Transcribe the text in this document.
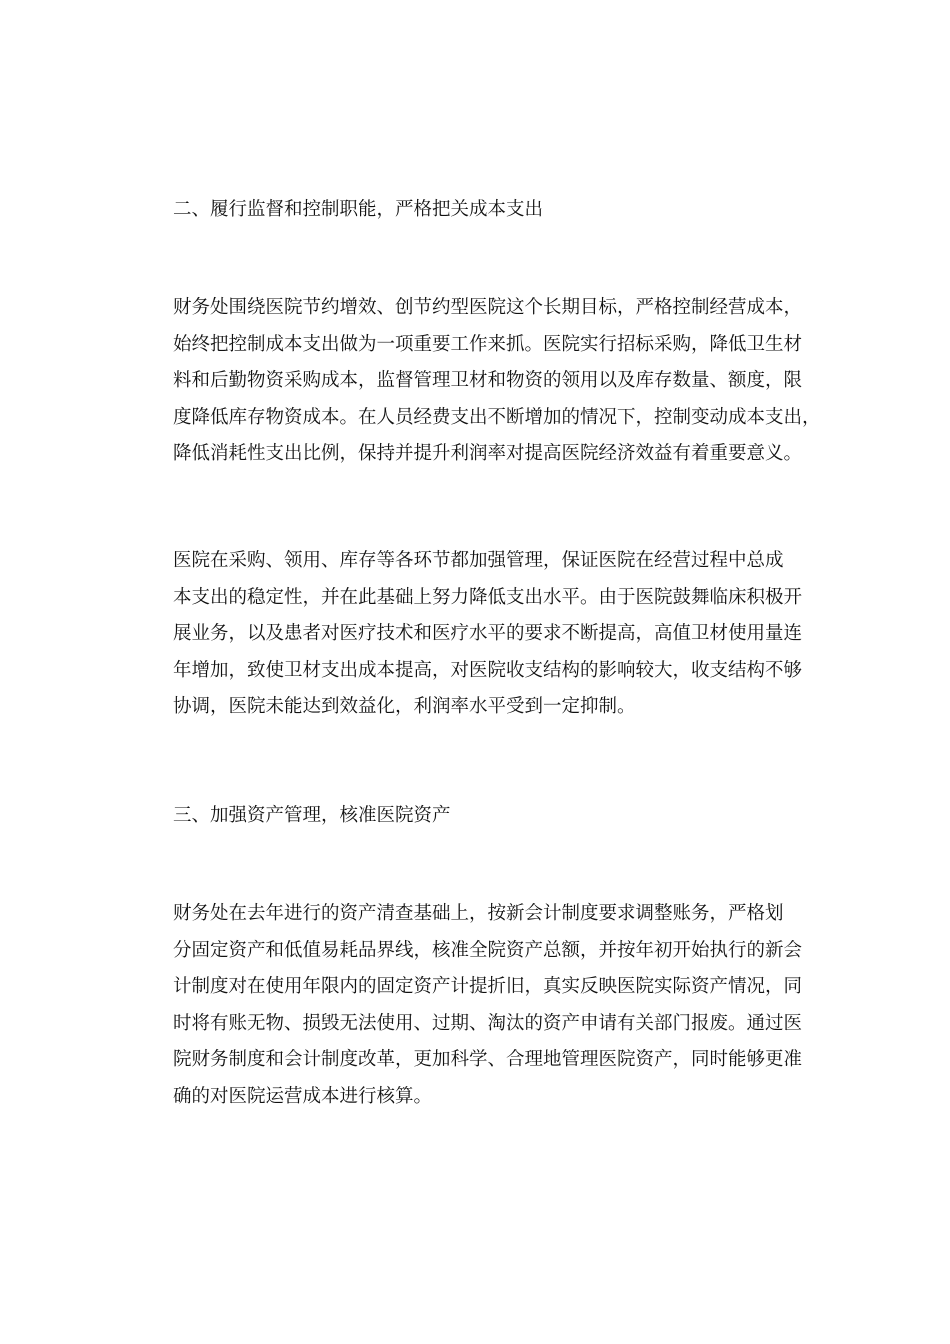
二、履行监督和控制职能，严格把关成本支出

财务处围绕医院节约增效、创节约型医院这个长期目标，严格控制经营成本，
始终把控制成本支出做为一项重要工作来抓。医院实行招标采购，降低卫生材
料和后勤物资采购成本，监督管理卫材和物资的领用以及库存数量、额度，限
度降低库存物资成本。在人员经费支出不断增加的情况下，控制变动成本支出，
降低消耗性支出比例，保持并提升利润率对提高医院经济效益有着重要意义。

医院在采购、领用、库存等各环节都加强管理，保证医院在经营过程中总成
本支出的稳定性，并在此基础上努力降低支出水平。由于医院鼓舞临床积极开
展业务，以及患者对医疗技术和医疗水平的要求不断提高，高值卫材使用量连
年增加，致使卫材支出成本提高，对医院收支结构的影响较大，收支结构不够
协调，医院未能达到效益化，利润率水平受到一定抑制。

三、加强资产管理，核准医院资产

财务处在去年进行的资产清查基础上，按新会计制度要求调整账务，严格划
分固定资产和低值易耗品界线，核准全院资产总额，并按年初开始执行的新会
计制度对在使用年限内的固定资产计提折旧，真实反映医院实际资产情况，同
时将有账无物、损毁无法使用、过期、淘汰的资产申请有关部门报废。通过医
院财务制度和会计制度改革，更加科学、合理地管理医院资产，同时能够更准
确的对医院运营成本进行核算。
